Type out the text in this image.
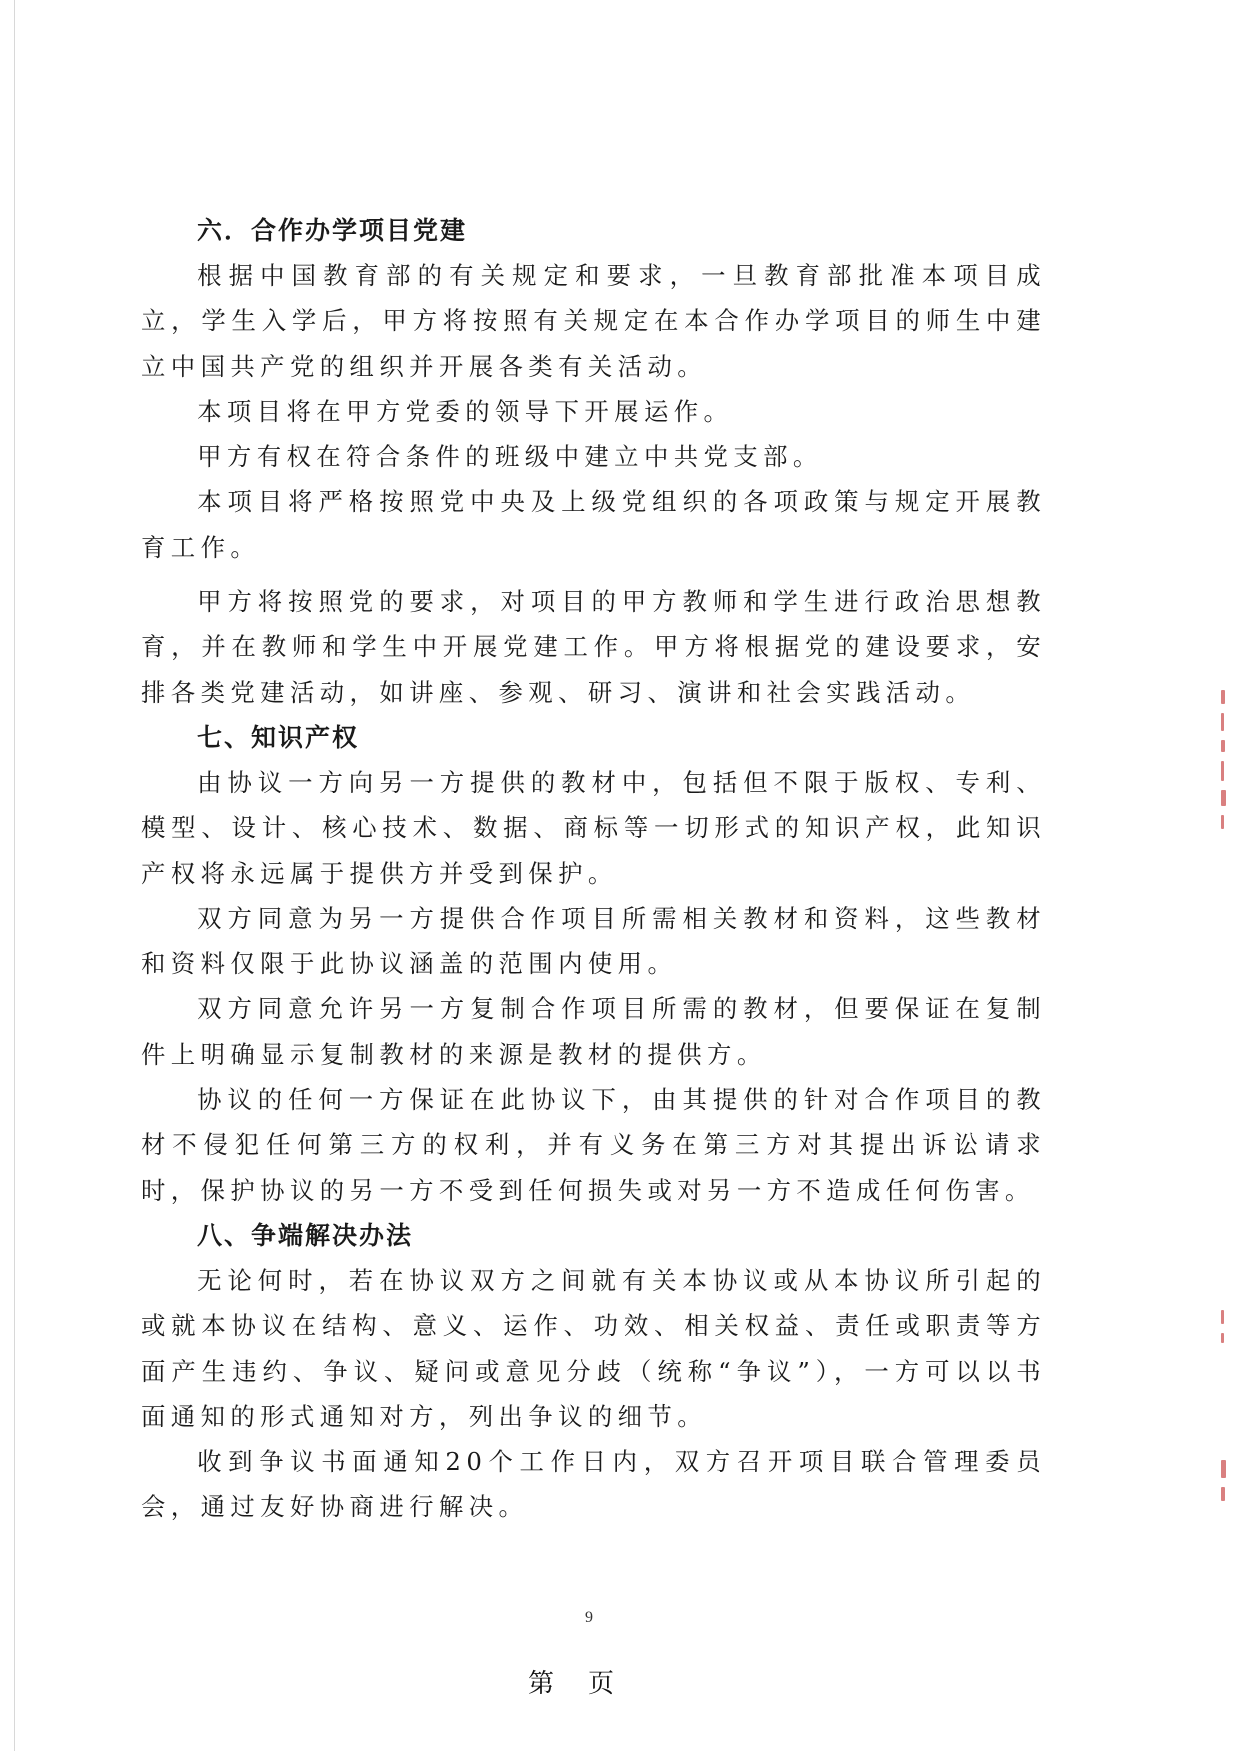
六．合作办学项目党建

根据中国教育部的有关规定和要求，一旦教育部批准本项目成立，学生入学后，甲方将按照有关规定在本合作办学项目的师生中建立中国共产党的组织并开展各类有关活动。

本项目将在甲方党委的领导下开展运作。

甲方有权在符合条件的班级中建立中共党支部。

本项目将严格按照党中央及上级党组织的各项政策与规定开展教育工作。

甲方将按照党的要求，对项目的甲方教师和学生进行政治思想教育，并在教师和学生中开展党建工作。甲方将根据党的建设要求，安排各类党建活动，如讲座、参观、研习、演讲和社会实践活动。

七、知识产权

由协议一方向另一方提供的教材中，包括但不限于版权、专利、模型、设计、核心技术、数据、商标等一切形式的知识产权，此知识产权将永远属于提供方并受到保护。

双方同意为另一方提供合作项目所需相关教材和资料，这些教材和资料仅限于此协议涵盖的范围内使用。

双方同意允许另一方复制合作项目所需的教材，但要保证在复制件上明确显示复制教材的来源是教材的提供方。

协议的任何一方保证在此协议下，由其提供的针对合作项目的教材不侵犯任何第三方的权利，并有义务在第三方对其提出诉讼请求时，保护协议的另一方不受到任何损失或对另一方不造成任何伤害。

八、争端解决办法

无论何时，若在协议双方之间就有关本协议或从本协议所引起的或就本协议在结构、意义、运作、功效、相关权益、责任或职责等方面产生违约、争议、疑问或意见分歧（统称“争议”），一方可以以书面通知的形式通知对方，列出争议的细节。

收到争议书面通知20个工作日内，双方召开项目联合管理委员会，通过友好协商进行解决。

9
第 页
